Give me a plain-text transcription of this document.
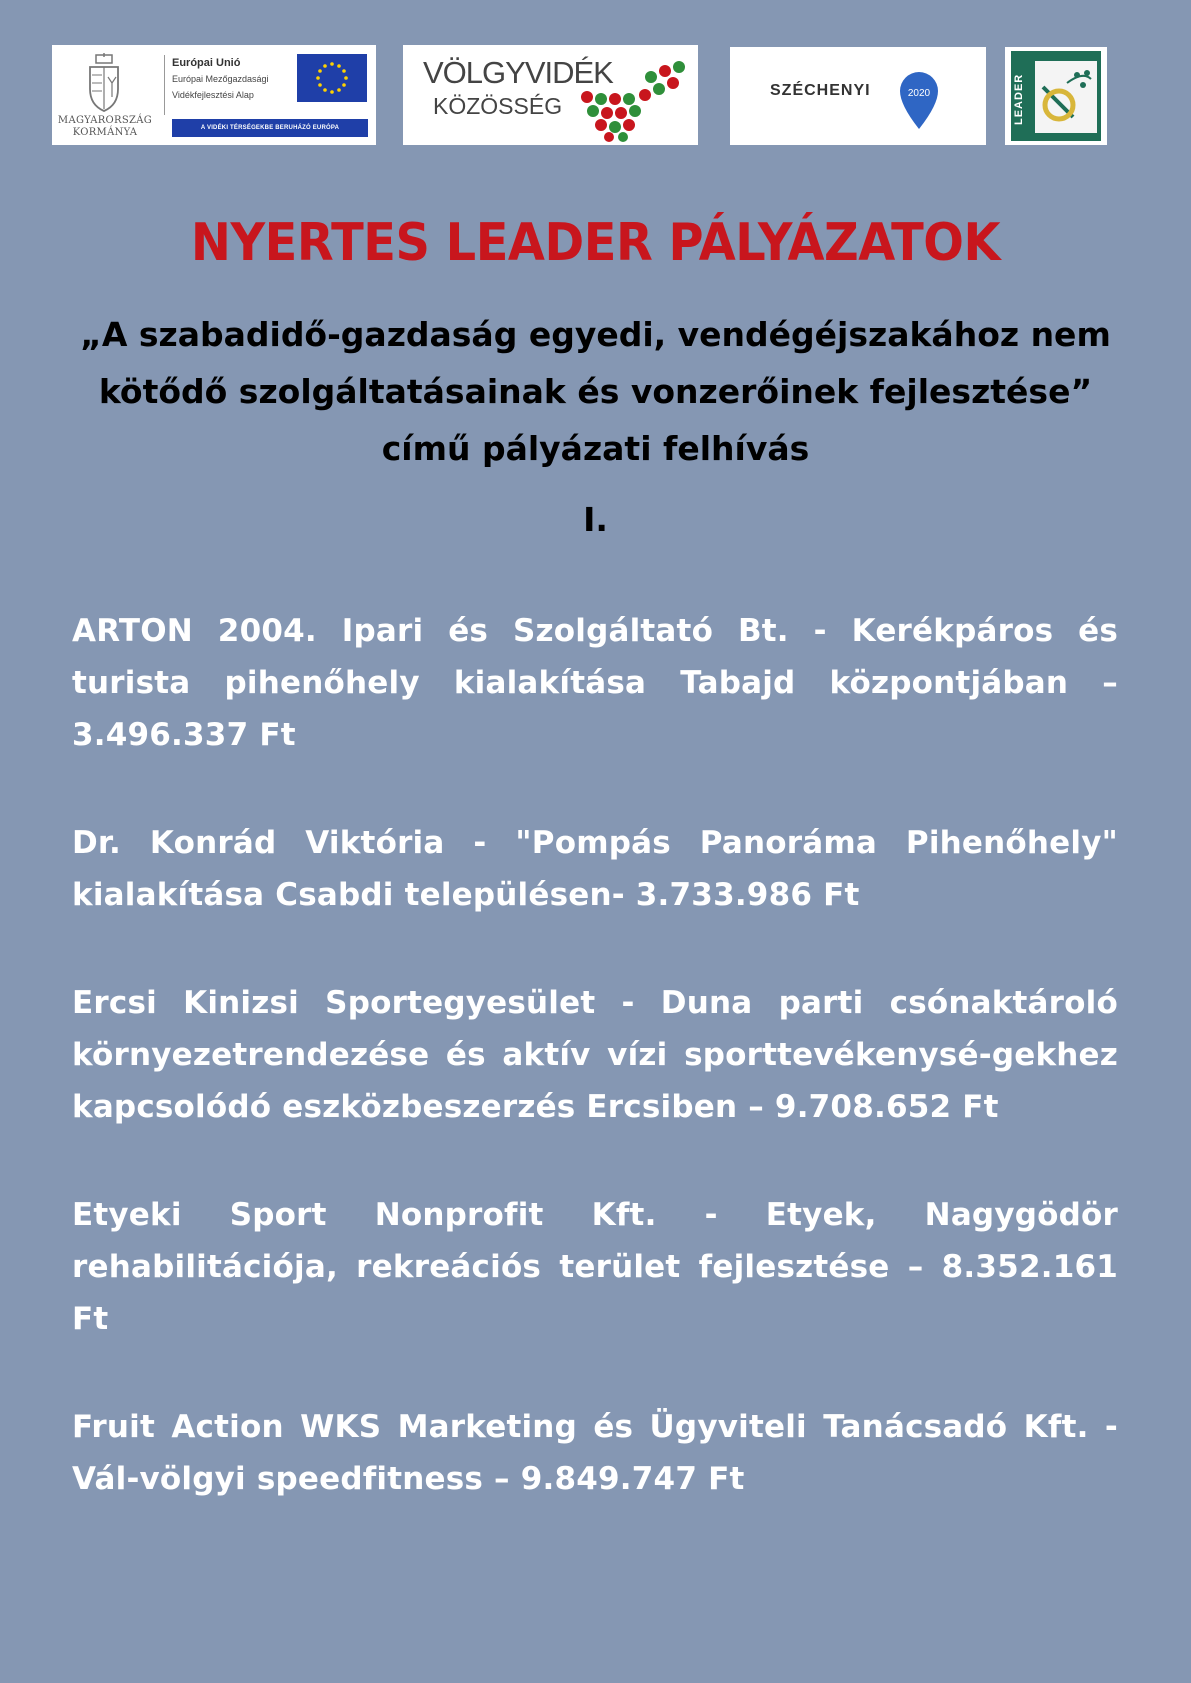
MAGYARORSZÁG KORMÁNYA
Európai Unió
Európai Mezőgazdasági
Vidékfejlesztési Alap
A VIDÉKI TÉRSÉGEKBE BERUHÁZÓ EURÓPA
VÖLGYVIDÉK
KÖZÖSSÉG
SZÉCHENYI	2020	LEADER
NYERTES LEADER PÁLYÁZATOK
„A szabadidő-gazdaság egyedi, vendégéjszakához nem kötődő szolgáltatásainak és vonzerőinek fejlesztése” című pályázati felhívás
I.

ARTON 2004. Ipari és Szolgáltató Bt. - Kerékpáros és turista pihenőhely kialakítása Tabajd központjában – 3.496.337 Ft

Dr. Konrád Viktória - "Pompás Panoráma Pihenőhely" kialakítása Csabdi településen- 3.733.986 Ft

Ercsi Kinizsi Sportegyesület - Duna parti csónaktároló környezetrendezése és aktív vízi sporttevékenysé-gekhez kapcsolódó eszközbeszerzés Ercsiben – 9.708.652 Ft

Etyeki Sport Nonprofit Kft. - Etyek, Nagygödör rehabilitációja, rekreációs terület fejlesztése – 8.352.161 Ft

Fruit Action WKS Marketing és Ügyviteli Tanácsadó Kft. - Vál-völgyi speedfitness – 9.849.747 Ft
